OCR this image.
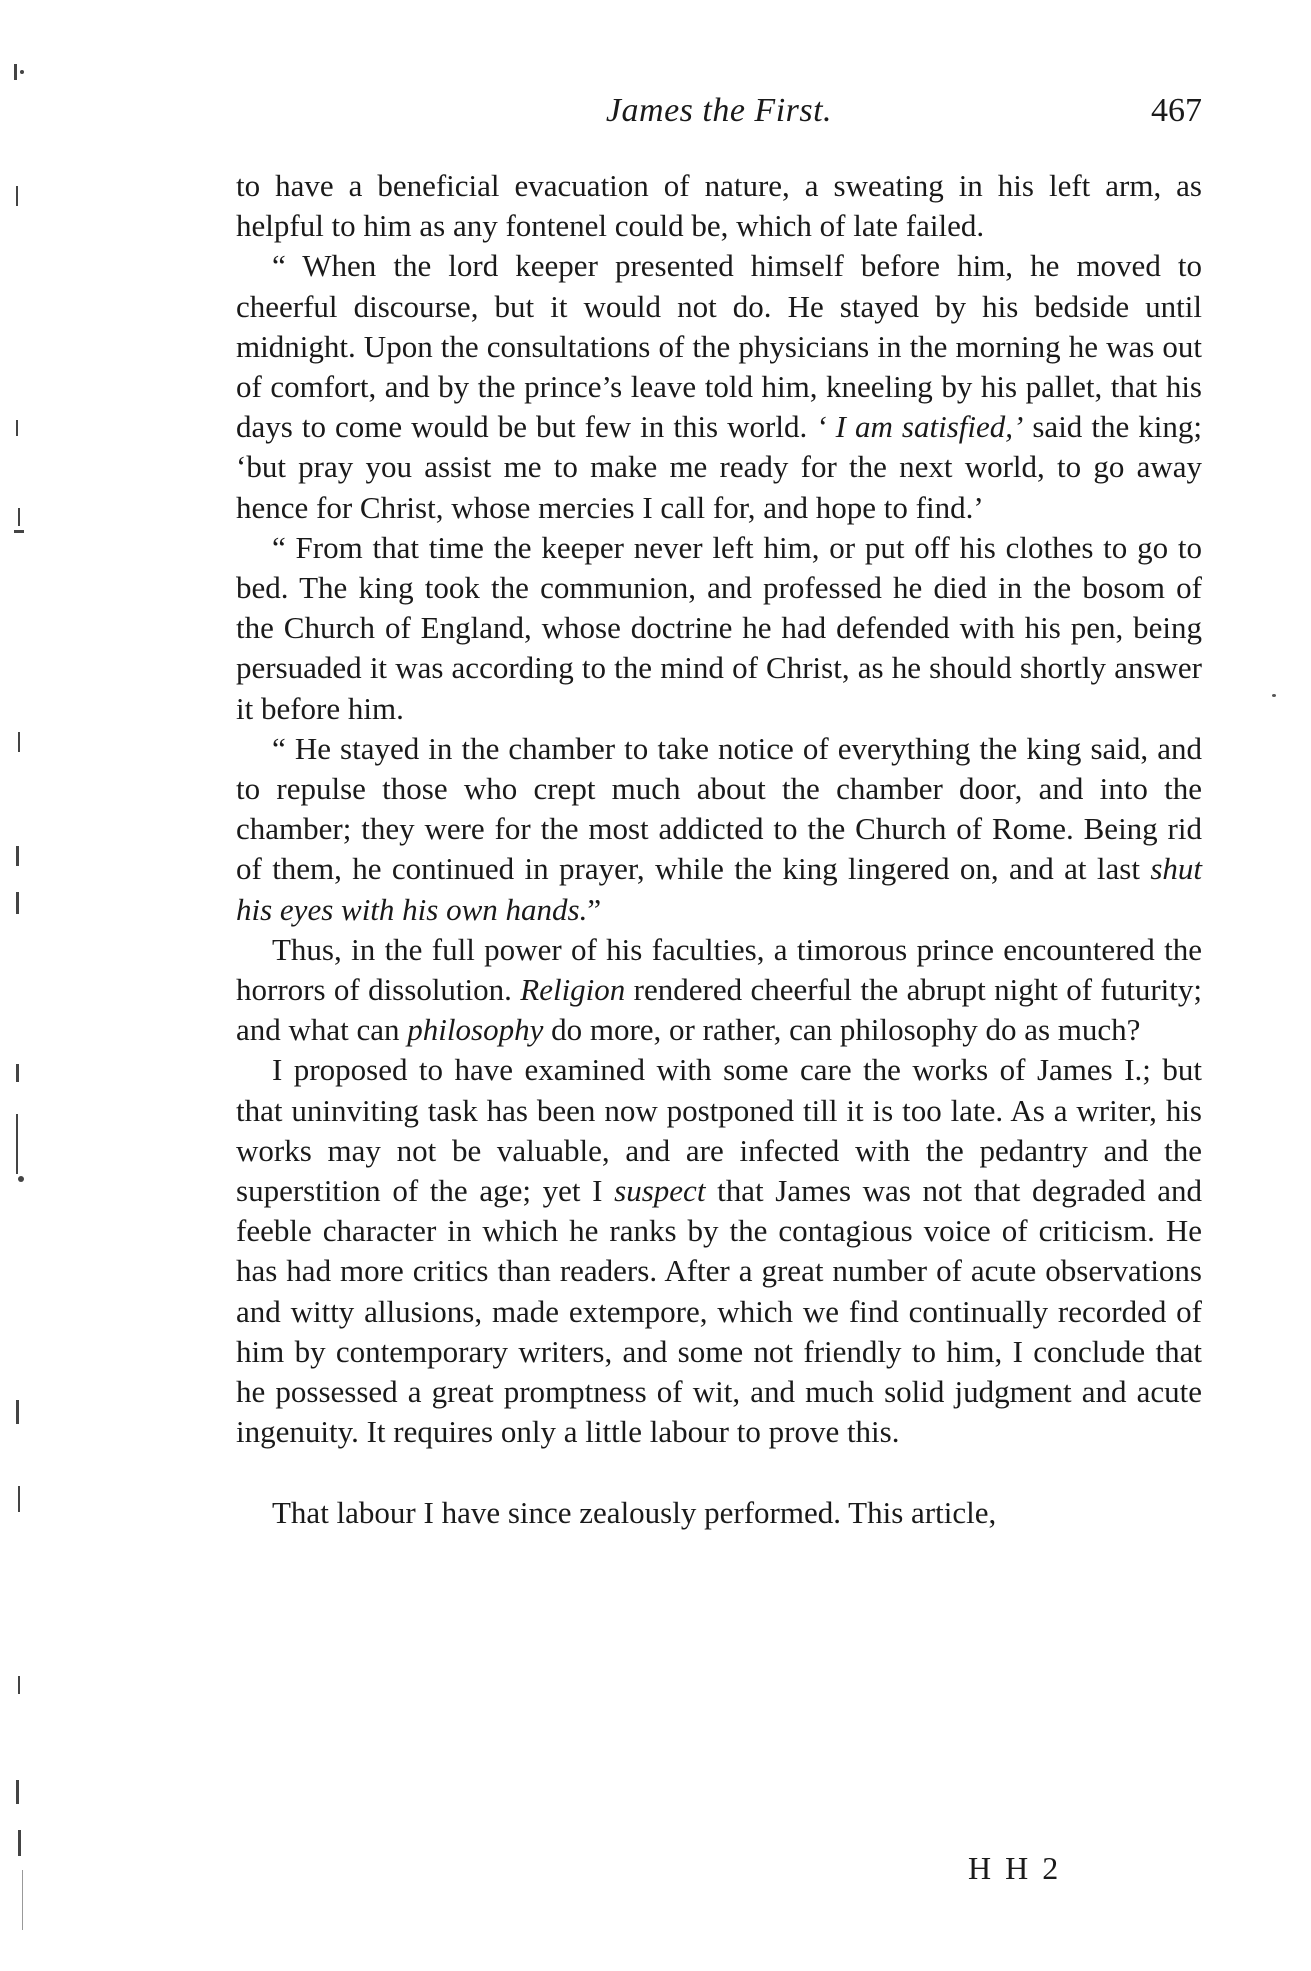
James the First.	467

to have a beneficial evacuation of nature, a sweating in his left arm, as helpful to him as any fontenel could be, which of late failed.

“ When the lord keeper presented himself before him, he moved to cheerful discourse, but it would not do. He stayed by his bedside until midnight. Upon the consultations of the physicians in the morning he was out of comfort, and by the prince’s leave told him, kneeling by his pallet, that his days to come would be but few in this world. ‘ I am satisfied,’ said the king; ‘but pray you assist me to make me ready for the next world, to go away hence for Christ, whose mercies I call for, and hope to find.’

“ From that time the keeper never left him, or put off his clothes to go to bed. The king took the communion, and professed he died in the bosom of the Church of England, whose doctrine he had defended with his pen, being persuaded it was according to the mind of Christ, as he should shortly answer it before him.

“ He stayed in the chamber to take notice of everything the king said, and to repulse those who crept much about the chamber door, and into the chamber; they were for the most addicted to the Church of Rome. Being rid of them, he continued in prayer, while the king lingered on, and at last shut his eyes with his own hands.”

Thus, in the full power of his faculties, a timorous prince encountered the horrors of dissolution. Religion rendered cheerful the abrupt night of futurity; and what can philosophy do more, or rather, can philosophy do as much?

I proposed to have examined with some care the works of James I.; but that uninviting task has been now postponed till it is too late. As a writer, his works may not be valuable, and are infected with the pedantry and the superstition of the age; yet I suspect that James was not that degraded and feeble character in which he ranks by the contagious voice of criticism. He has had more critics than readers. After a great number of acute observations and witty allusions, made extempore, which we find continually recorded of him by contemporary writers, and some not friendly to him, I conclude that he possessed a great promptness of wit, and much solid judgment and acute ingenuity. It requires only a little labour to prove this.

That labour I have since zealously performed. This article,

H H 2
